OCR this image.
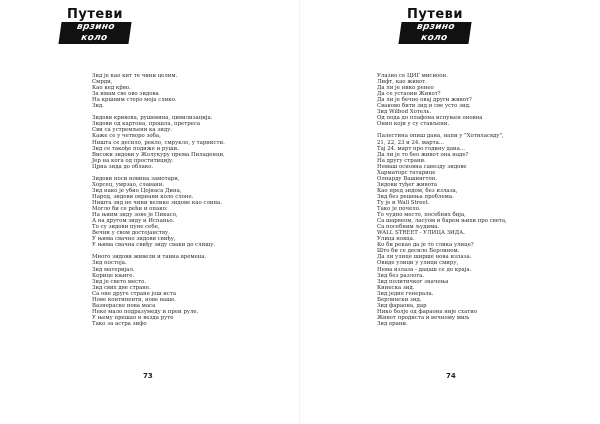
Путеви
врзино коло
Зид је као кит те чини целим.
Смрди,
Као кед кр̂во.
За имам све ово зидова
На кршним стеро моја слико.
Зид.
Зидови кривова, рушевина, цивилизација.
Зидови од картона, прошла, претреса
Сви са устремљени ка зиду.
Каже се у четворо зоба,
Ништа се десило, рекло, смрукло, у тарнисти.
Зид се такође подиже и руши.
Високи зидови у Жолукуру према Пиладенци,
Јер на кога од проститицију.
Црна зида до облако.
Зидови носи новина замотари,
Хорсец, умрзао, славани.
Зид нако је убио Цојнаса Дина,
Народ, зидови оврнани коло слоне.
Ништа зид не чини велике зидове као слина.
Могло би се рећи и опако:
На њиим зиду зове је Пикасо,
А на другом зиду и Испаньо.
То су зидови пуне себе,
Вечни у свом достојанству.
У њима свачно зидови свиђу,
У њима свачна свиђу зиду сваки до слишу.
Много зидови живели и таина времена.
Зид постоја.
Зид материјал.
Корице књиге.
Зид је свето место.
Зид свих две стране.
Са оне друге стране још иста
Нове континенти, нове ваше.
Вазнераске нова маса
Неке мало подразумеду и преи руле.
У њему прешао и везда руте
Тако за астра зифо
73
Путеви
врзино коло
Улазио се ЦИГ мисиоон.
Лифт, као живот.
Да ли је нико ренео
Да се устаоии Живот?
Да ли је бечно овај други живот?
Сваково бити зид и све усто зид.
Зид Wilbod Хотель.
Од пода до плафона испуњен оновна
Онип који у су стављени.
Палестина опиш дана, напи у "Хотиласвду",
21, 22, 23 и 24. марта...
Тај 24. март про годину дана...
Да ли је то бео живот она наде?
На другу страни.
Немаш основна савезду зидове
Харматорс татарице
Олнарду Вашингтон.
Зидови туђег живота
Као пред зидом, без излаза,
Зид без решења проблема.
Ту је и Wall Street.
Тако је почело.
То чудно место, посебних бија,
Са шарвеом, ласуом и барем њихи про света,
Са посебним људима.
WALL STREET - УЛИЦА ЗИДА.
Улица новца.
Ко би рекао да је то слика улице?
Штo би се десило Берлином.
Да ли улице ширше нова излаза.
Овиде улици у улици смиру,
Нема излаза - дацаш се до краја.
Зид без разлога.
Зид политичког значења
Кинеска зид.
Зид једне генерала.
Берлински зид.
Зид фараона, дар
Нико болје од фараона није схатио
Живот продиста и вечному миљ
Зид ерани.
74
